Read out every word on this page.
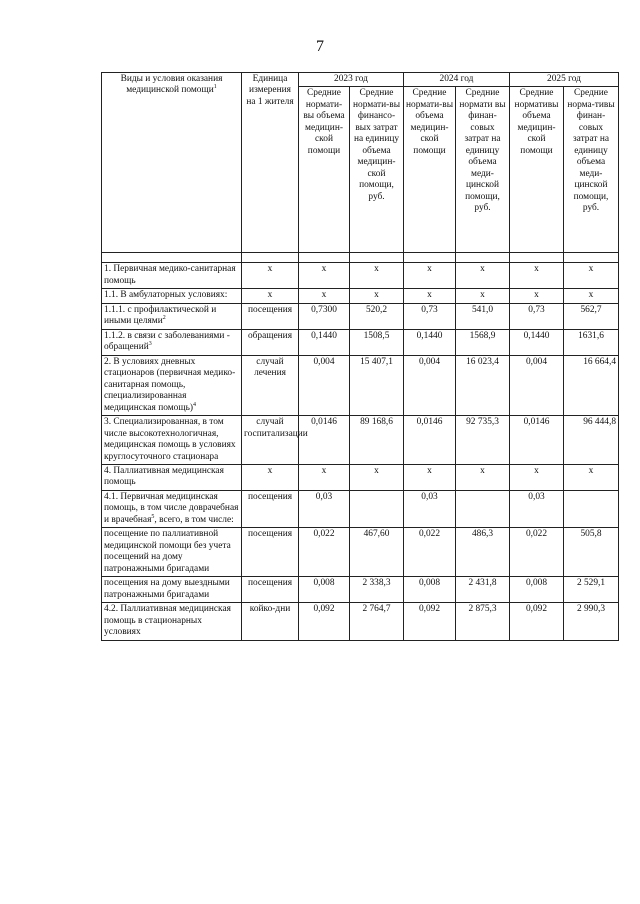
7
Виды и условия оказания медицинской помощи$^1$	Единица измерения на 1 жителя	2023 год		2024 год		2025 год	
		Средние нормати-вы объема медицин-ской помощи	Средние нормати-вы финансо-вых затрат на единицу объема медицин-ской помощи, руб.	Средние нормати-вы объема медицин-ской помощи	Средние нормати вы финан-совых затрат на единицу объема меди-цинской помощи, руб.	Средние нормативы объема медицин-ской помощи	Средние норма-тивы финан-совых затрат на единицу объема меди-цинской помощи, руб.

1. Первичная медико-санитарная помощь	х	х	х	х	х	х	х
1.1. В амбулаторных условиях:	х	х	х	х	х	х	х
1.1.1. с профилактической и иными целями$^2$	посещения	0,7300	520,2	0,73	541,0	0,73	562,7
1.1.2. в связи с заболеваниями - обращений$^3$	обращения	0,1440	1508,5	0,1440	1568,9	0,1440	1631,6
2. В условиях дневных стационаров (первичная медико-санитарная помощь, специализированная медицинская помощь)$^4$	случай лечения	0,004	15 407,1	0,004	16 023,4	0,004	16 664,4
3. Специализированная, в том числе высокотехнологичная, медицинская помощь в условиях круглосуточного стационара	случай госпитализации	0,0146	89 168,6	0,0146	92 735,3	0,0146	96 444,8
4. Паллиативная медицинская помощь	х	х	х	х	х	х	х
4.1. Первичная медицинская помощь, в том числе доврачебная и врачебная$^5$, всего, в том числе:	посещения	0,03		0,03		0,03	
посещение по паллиативной медицинской помощи без учета посещений на дому патронажными бригадами	посещения	0,022	467,60	0,022	486,3	0,022	505,8
посещения на дому выездными патронажными бригадами	посещения	0,008	2 338,3	0,008	2 431,8	0,008	2 529,1
4.2. Паллиативная медицинская помощь в стационарных условиях	койко-дни	0,092	2 764,7	0,092	2 875,3	0,092	2 990,3
